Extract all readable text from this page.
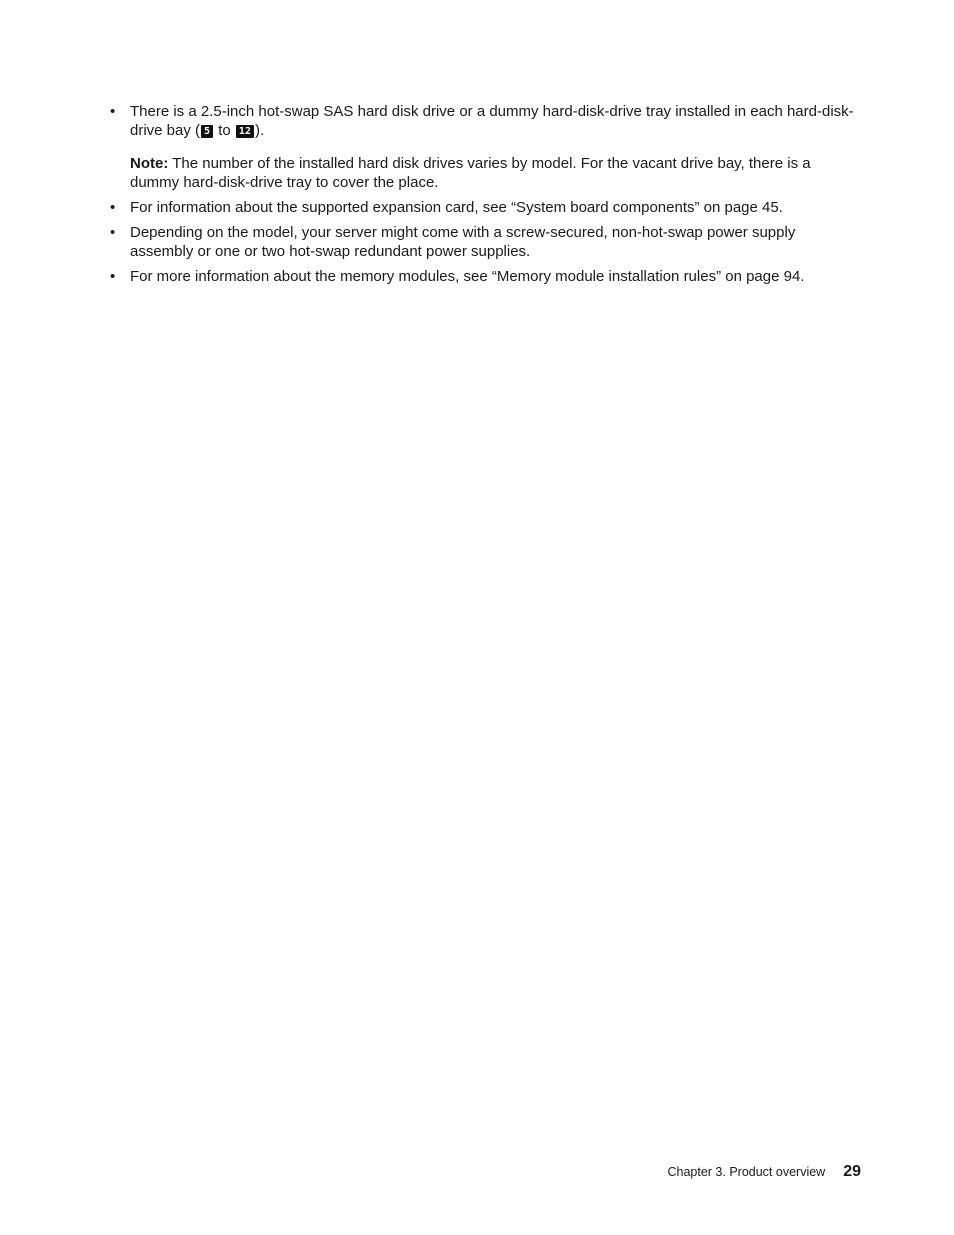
• There is a 2.5-inch hot-swap SAS hard disk drive or a dummy hard-disk-drive tray installed in each hard-disk-drive bay ( 5 to 12 ).
Note: The number of the installed hard disk drives varies by model. For the vacant drive bay, there is a dummy hard-disk-drive tray to cover the place.
• For information about the supported expansion card, see “System board components” on page 45.
• Depending on the model, your server might come with a screw-secured, non-hot-swap power supply assembly or one or two hot-swap redundant power supplies.
• For more information about the memory modules, see “Memory module installation rules” on page 94.
Chapter 3. Product overview 29
